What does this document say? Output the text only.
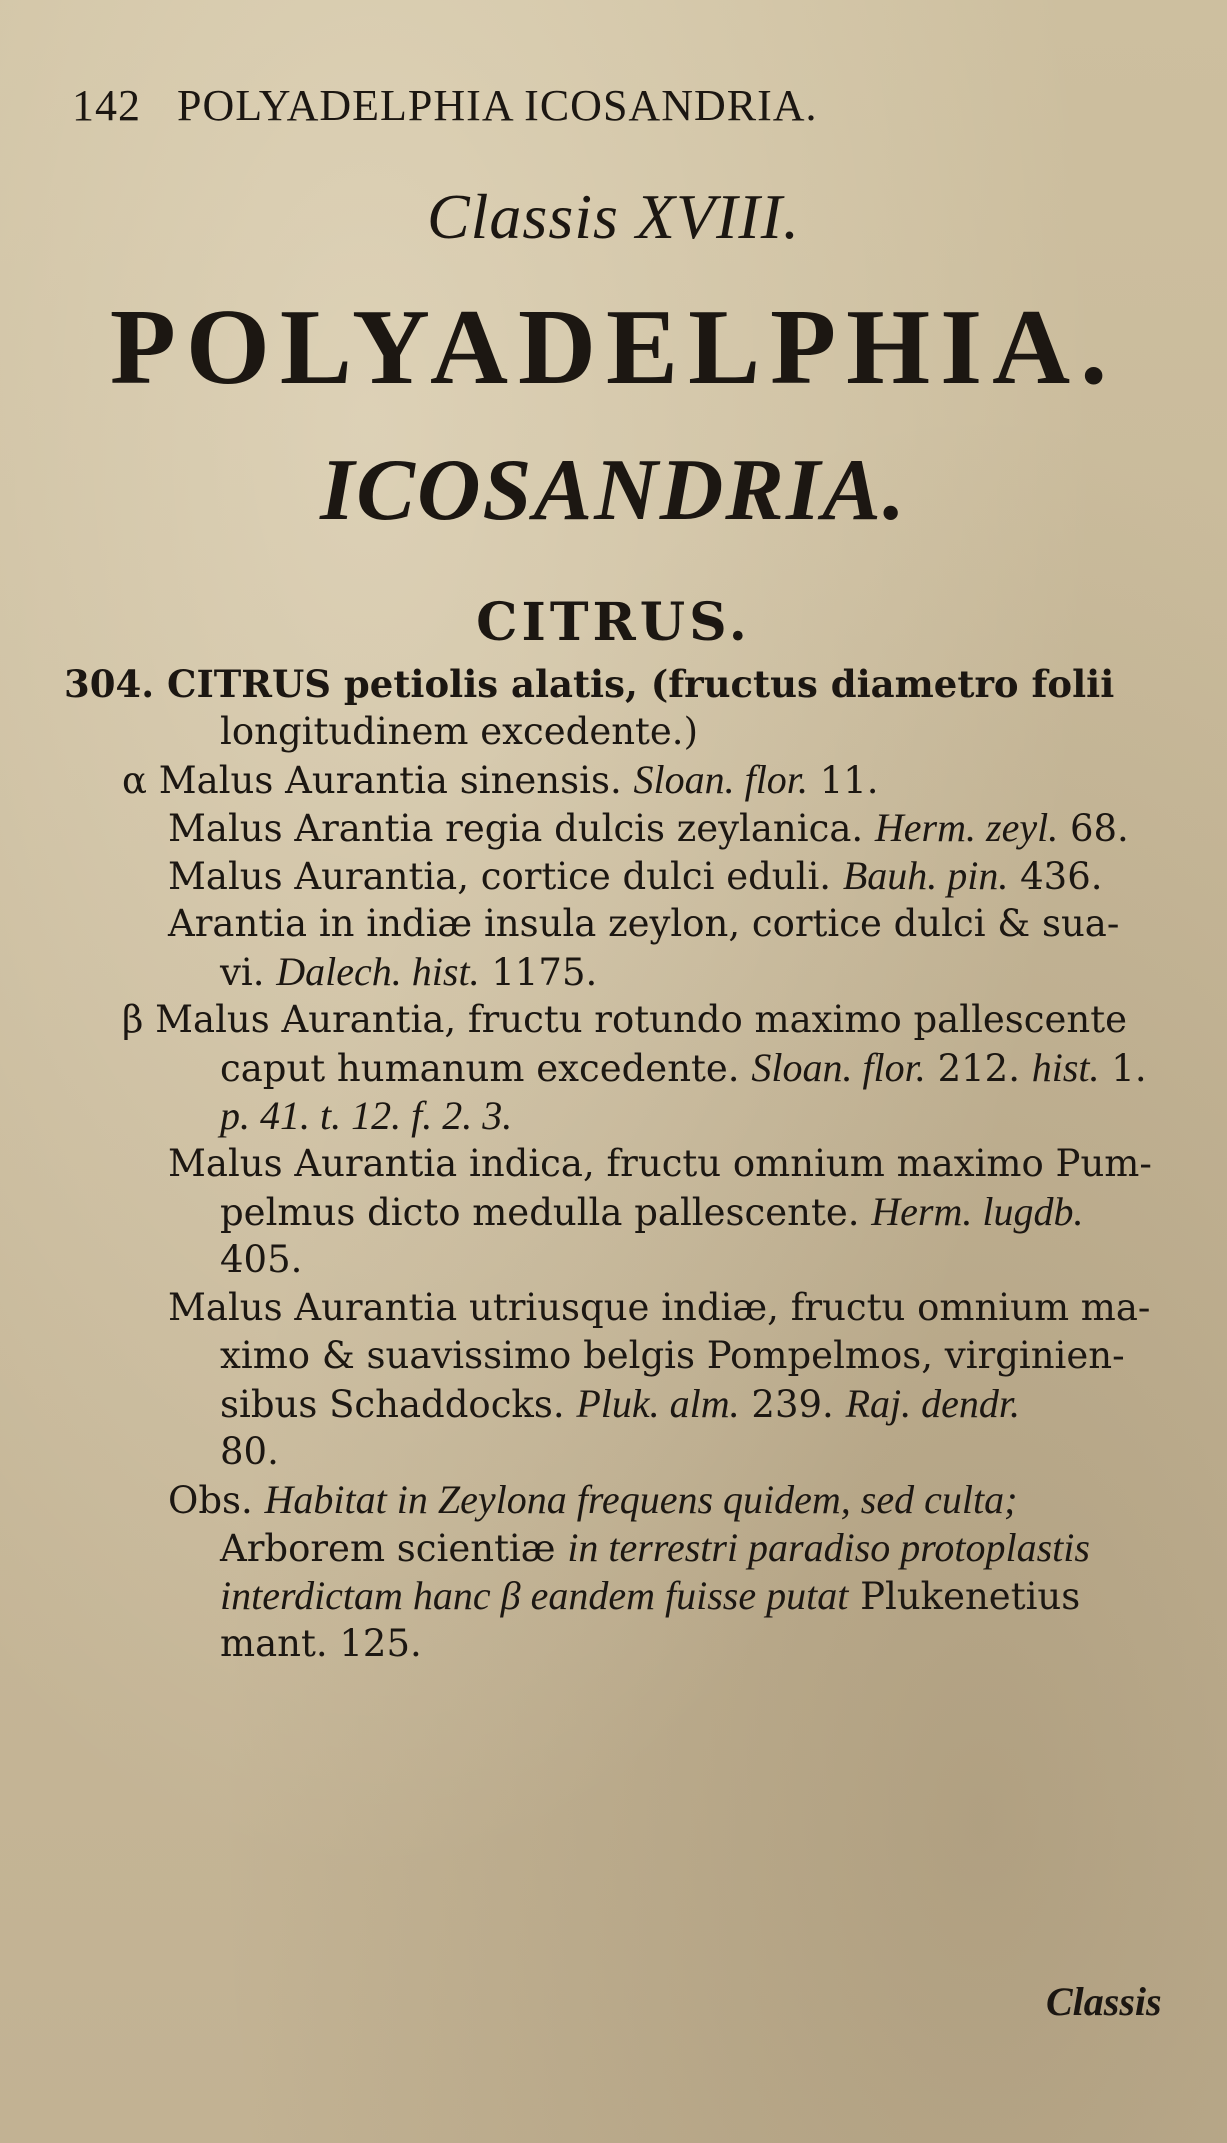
142 POLYADELPHIA ICOSANDRIA.
Classis XVIII.
POLYADELPHIA.
ICOSANDRIA.
CITRUS.
304. CITRUS petiolis alatis, (fructus diametro folii
longitudinem excedente.)
α Malus Aurantia sinensis. Sloan. flor. 11.
Malus Arantia regia dulcis zeylanica. Herm. zeyl. 68.
Malus Aurantia, cortice dulci eduli. Bauh. pin. 436.
Arantia in indiæ insula zeylon, cortice dulci & sua-
vi. Dalech. hist. 1175.
β Malus Aurantia, fructu rotundo maximo pallescente
caput humanum excedente. Sloan. flor. 212. hist. 1.
p. 41. t. 12. f. 2. 3.
Malus Aurantia indica, fructu omnium maximo Pum-
pelmus dicto medulla pallescente. Herm. lugdb.
405.
Malus Aurantia utriusque indiæ, fructu omnium ma-
ximo & suavissimo belgis Pompelmos, virginien-
sibus Schaddocks. Pluk. alm. 239. Raj. dendr.
80.
Obs. Habitat in Zeylona frequens quidem, sed culta;
Arborem scientiæ in terrestri paradiso protoplastis
interdictam hanc β eandem fuisse putat Plukenetius
mant. 125.
Classis
